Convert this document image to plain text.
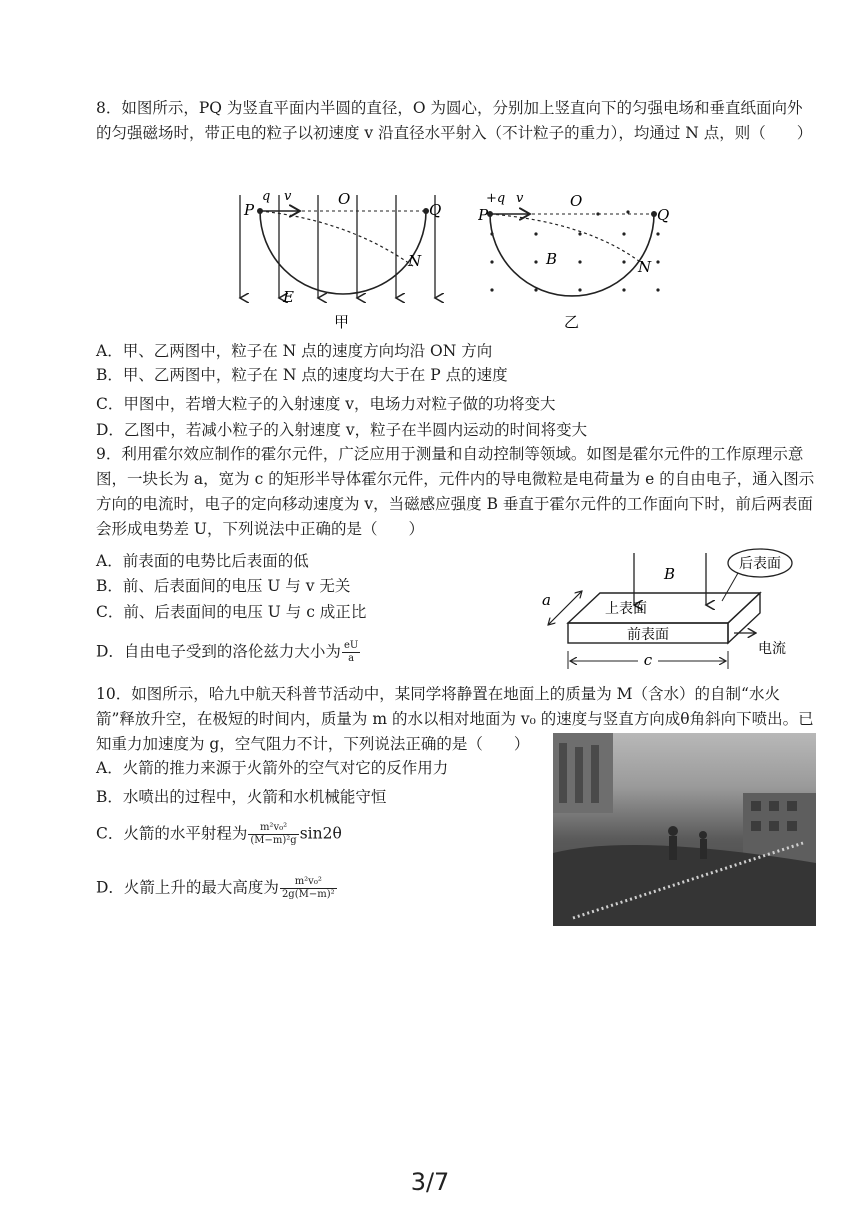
8．如图所示，PQ 为竖直平面内半圆的直径，O 为圆心，分别加上竖直向下的匀强电场和垂直纸面向外的匀强磁场时，带正电的粒子以初速度 v 沿直径水平射入（不计粒子的重力），均通过 N 点，则（　　）
P
q v	O
Q
N
E
甲
P
+q v	O
Q
N
B
乙
A．甲、乙两图中，粒子在 N 点的速度方向均沿 ON 方向
B．甲、乙两图中，粒子在 N 点的速度均大于在 P 点的速度
C．甲图中，若增大粒子的入射速度 v，电场力对粒子做的功将变大
D．乙图中，若减小粒子的入射速度 v，粒子在半圆内运动的时间将变大
9．利用霍尔效应制作的霍尔元件，广泛应用于测量和自动控制等领域。如图是霍尔元件的工作原理示意图，一块长为 a，宽为 c 的矩形半导体霍尔元件，元件内的导电微粒是电荷量为 e 的自由电子，通入图示方向的电流时，电子的定向移动速度为 v，当磁感应强度 B 垂直于霍尔元件的工作面向下时，前后两表面会形成电势差 U，下列说法中正确的是（　　）
A．前表面的电势比后表面的低
B．前、后表面间的电压 U 与 v 无关
C．前、后表面间的电压 U 与 c 成正比
D．自由电子受到的洛伦兹力大小为 $\frac{eU}{a}$
B
后表面
上表面
前表面
a
c
电流
10．如图所示，哈九中航天科普节活动中，某同学将静置在地面上的质量为 M（含水）的自制“水火箭”释放升空，在极短的时间内，质量为 m 的水以相对地面为 v₀ 的速度与竖直方向成θ角斜向下喷出。已知重力加速度为 g，空气阻力不计，下列说法正确的是（　　）
A．火箭的推力来源于火箭外的空气对它的反作用力
B．水喷出的过程中，火箭和水机械能守恒
C．火箭的水平射程为 $\frac{\text{m²v₀²}}{\text{(M−m)²g}} \sin 2\theta$
D．火箭上升的最大高度为 $\frac{\text{m²v₀²}}{\text{2g(M−m)²}}$
3/7
